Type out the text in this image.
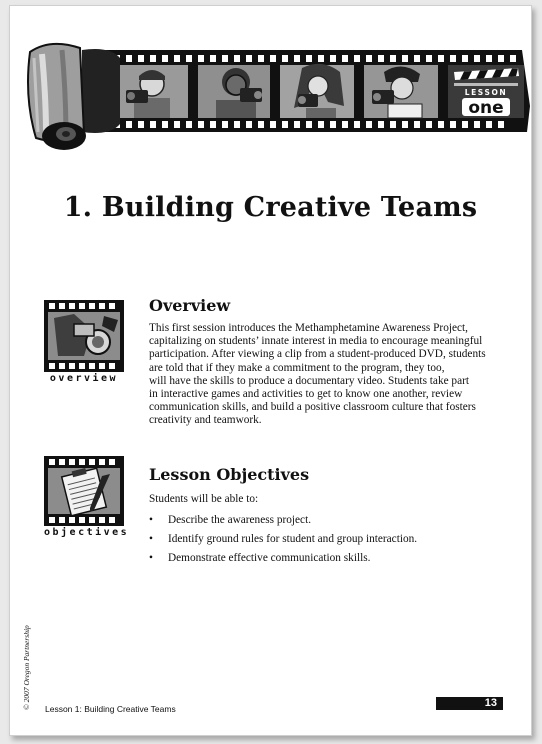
LESSON
one
1. Building Creative Teams
overview
Overview

This first session introduces the Methamphetamine Awareness Project,
capitalizing on students’ innate interest in media to encourage meaningful
participation. After viewing a clip from a student-produced DVD, students
are told that if they make a commitment to the program, they too,
will have the skills to produce a documentary video. Students take part
in interactive games and activities to get to know one another, review
communication skills, and build a positive classroom culture that fosters
creativity and teamwork.

objectives
Lesson Objectives

Students will be able to:

• Describe the awareness project.
• Identify ground rules for student and group interaction.
• Demonstrate effective communication skills.
© 2007 Oregon Partnership	Lesson 1: Building Creative Teams	13
